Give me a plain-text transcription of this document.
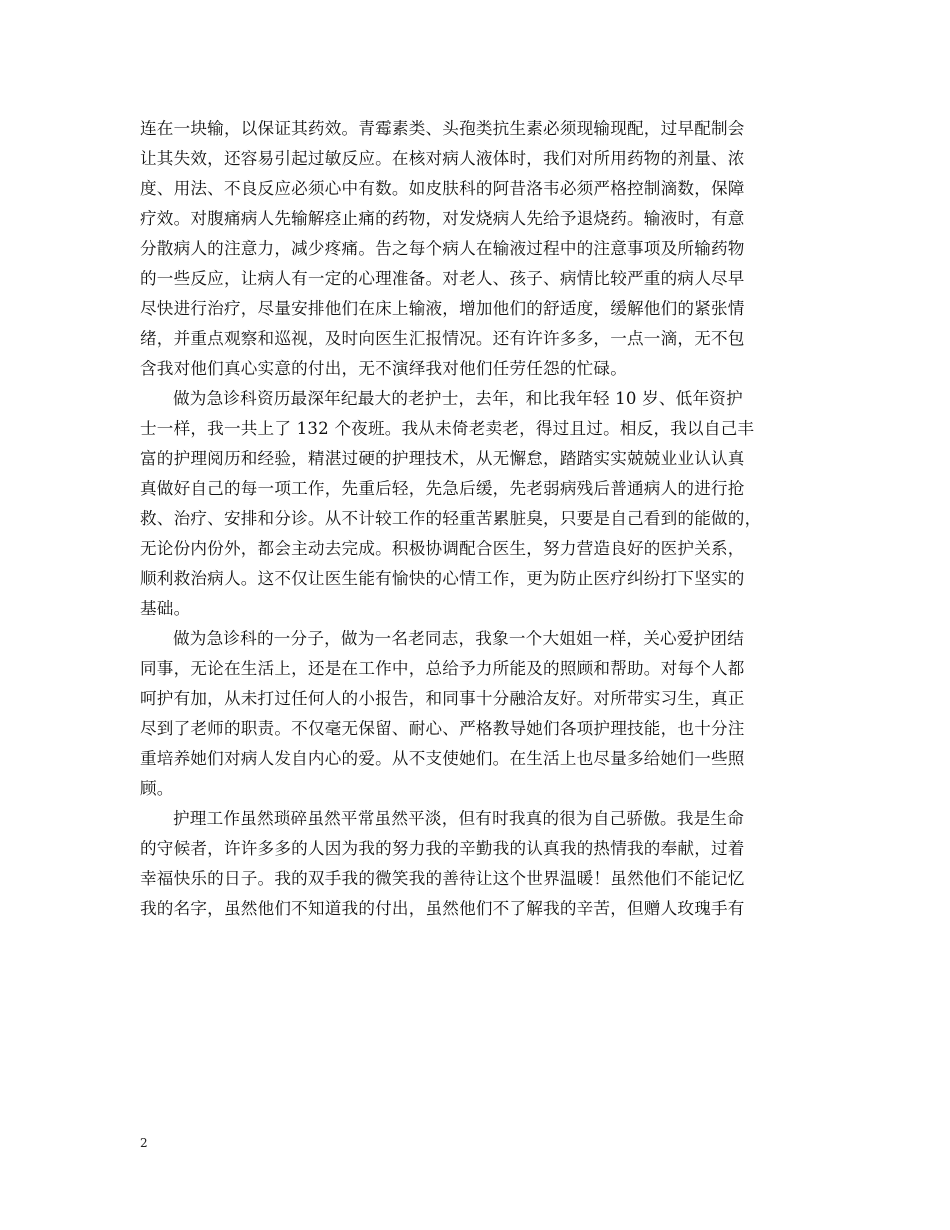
连在一块输，以保证其药效。青霉素类、头孢类抗生素必须现输现配，过早配制会
让其失效，还容易引起过敏反应。在核对病人液体时，我们对所用药物的剂量、浓
度、用法、不良反应必须心中有数。如皮肤科的阿昔洛韦必须严格控制滴数，保障
疗效。对腹痛病人先输解痉止痛的药物，对发烧病人先给予退烧药。输液时，有意
分散病人的注意力，减少疼痛。告之每个病人在输液过程中的注意事项及所输药物
的一些反应，让病人有一定的心理准备。对老人、孩子、病情比较严重的病人尽早
尽快进行治疗，尽量安排他们在床上输液，增加他们的舒适度，缓解他们的紧张情
绪，并重点观察和巡视，及时向医生汇报情况。还有许许多多，一点一滴，无不包
含我对他们真心实意的付出，无不演绎我对他们任劳任怨的忙碌。
做为急诊科资历最深年纪最大的老护士，去年，和比我年轻 10 岁、低年资护
士一样，我一共上了 132 个夜班。我从未倚老卖老，得过且过。相反，我以自己丰
富的护理阅历和经验，精湛过硬的护理技术，从无懈怠，踏踏实实兢兢业业认认真
真做好自己的每一项工作，先重后轻，先急后缓，先老弱病残后普通病人的进行抢
救、治疗、安排和分诊。从不计较工作的轻重苦累脏臭，只要是自己看到的能做的，
无论份内份外，都会主动去完成。积极协调配合医生，努力营造良好的医护关系，
顺利救治病人。这不仅让医生能有愉快的心情工作，更为防止医疗纠纷打下坚实的
基础。
做为急诊科的一分子，做为一名老同志，我象一个大姐姐一样，关心爱护团结
同事，无论在生活上，还是在工作中，总给予力所能及的照顾和帮助。对每个人都
呵护有加，从未打过任何人的小报告，和同事十分融洽友好。对所带实习生，真正
尽到了老师的职责。不仅毫无保留、耐心、严格教导她们各项护理技能，也十分注
重培养她们对病人发自内心的爱。从不支使她们。在生活上也尽量多给她们一些照
顾。
护理工作虽然琐碎虽然平常虽然平淡，但有时我真的很为自己骄傲。我是生命
的守候者，许许多多的人因为我的努力我的辛勤我的认真我的热情我的奉献，过着
幸福快乐的日子。我的双手我的微笑我的善待让这个世界温暖！虽然他们不能记忆
我的名字，虽然他们不知道我的付出，虽然他们不了解我的辛苦，但赠人玫瑰手有
2
